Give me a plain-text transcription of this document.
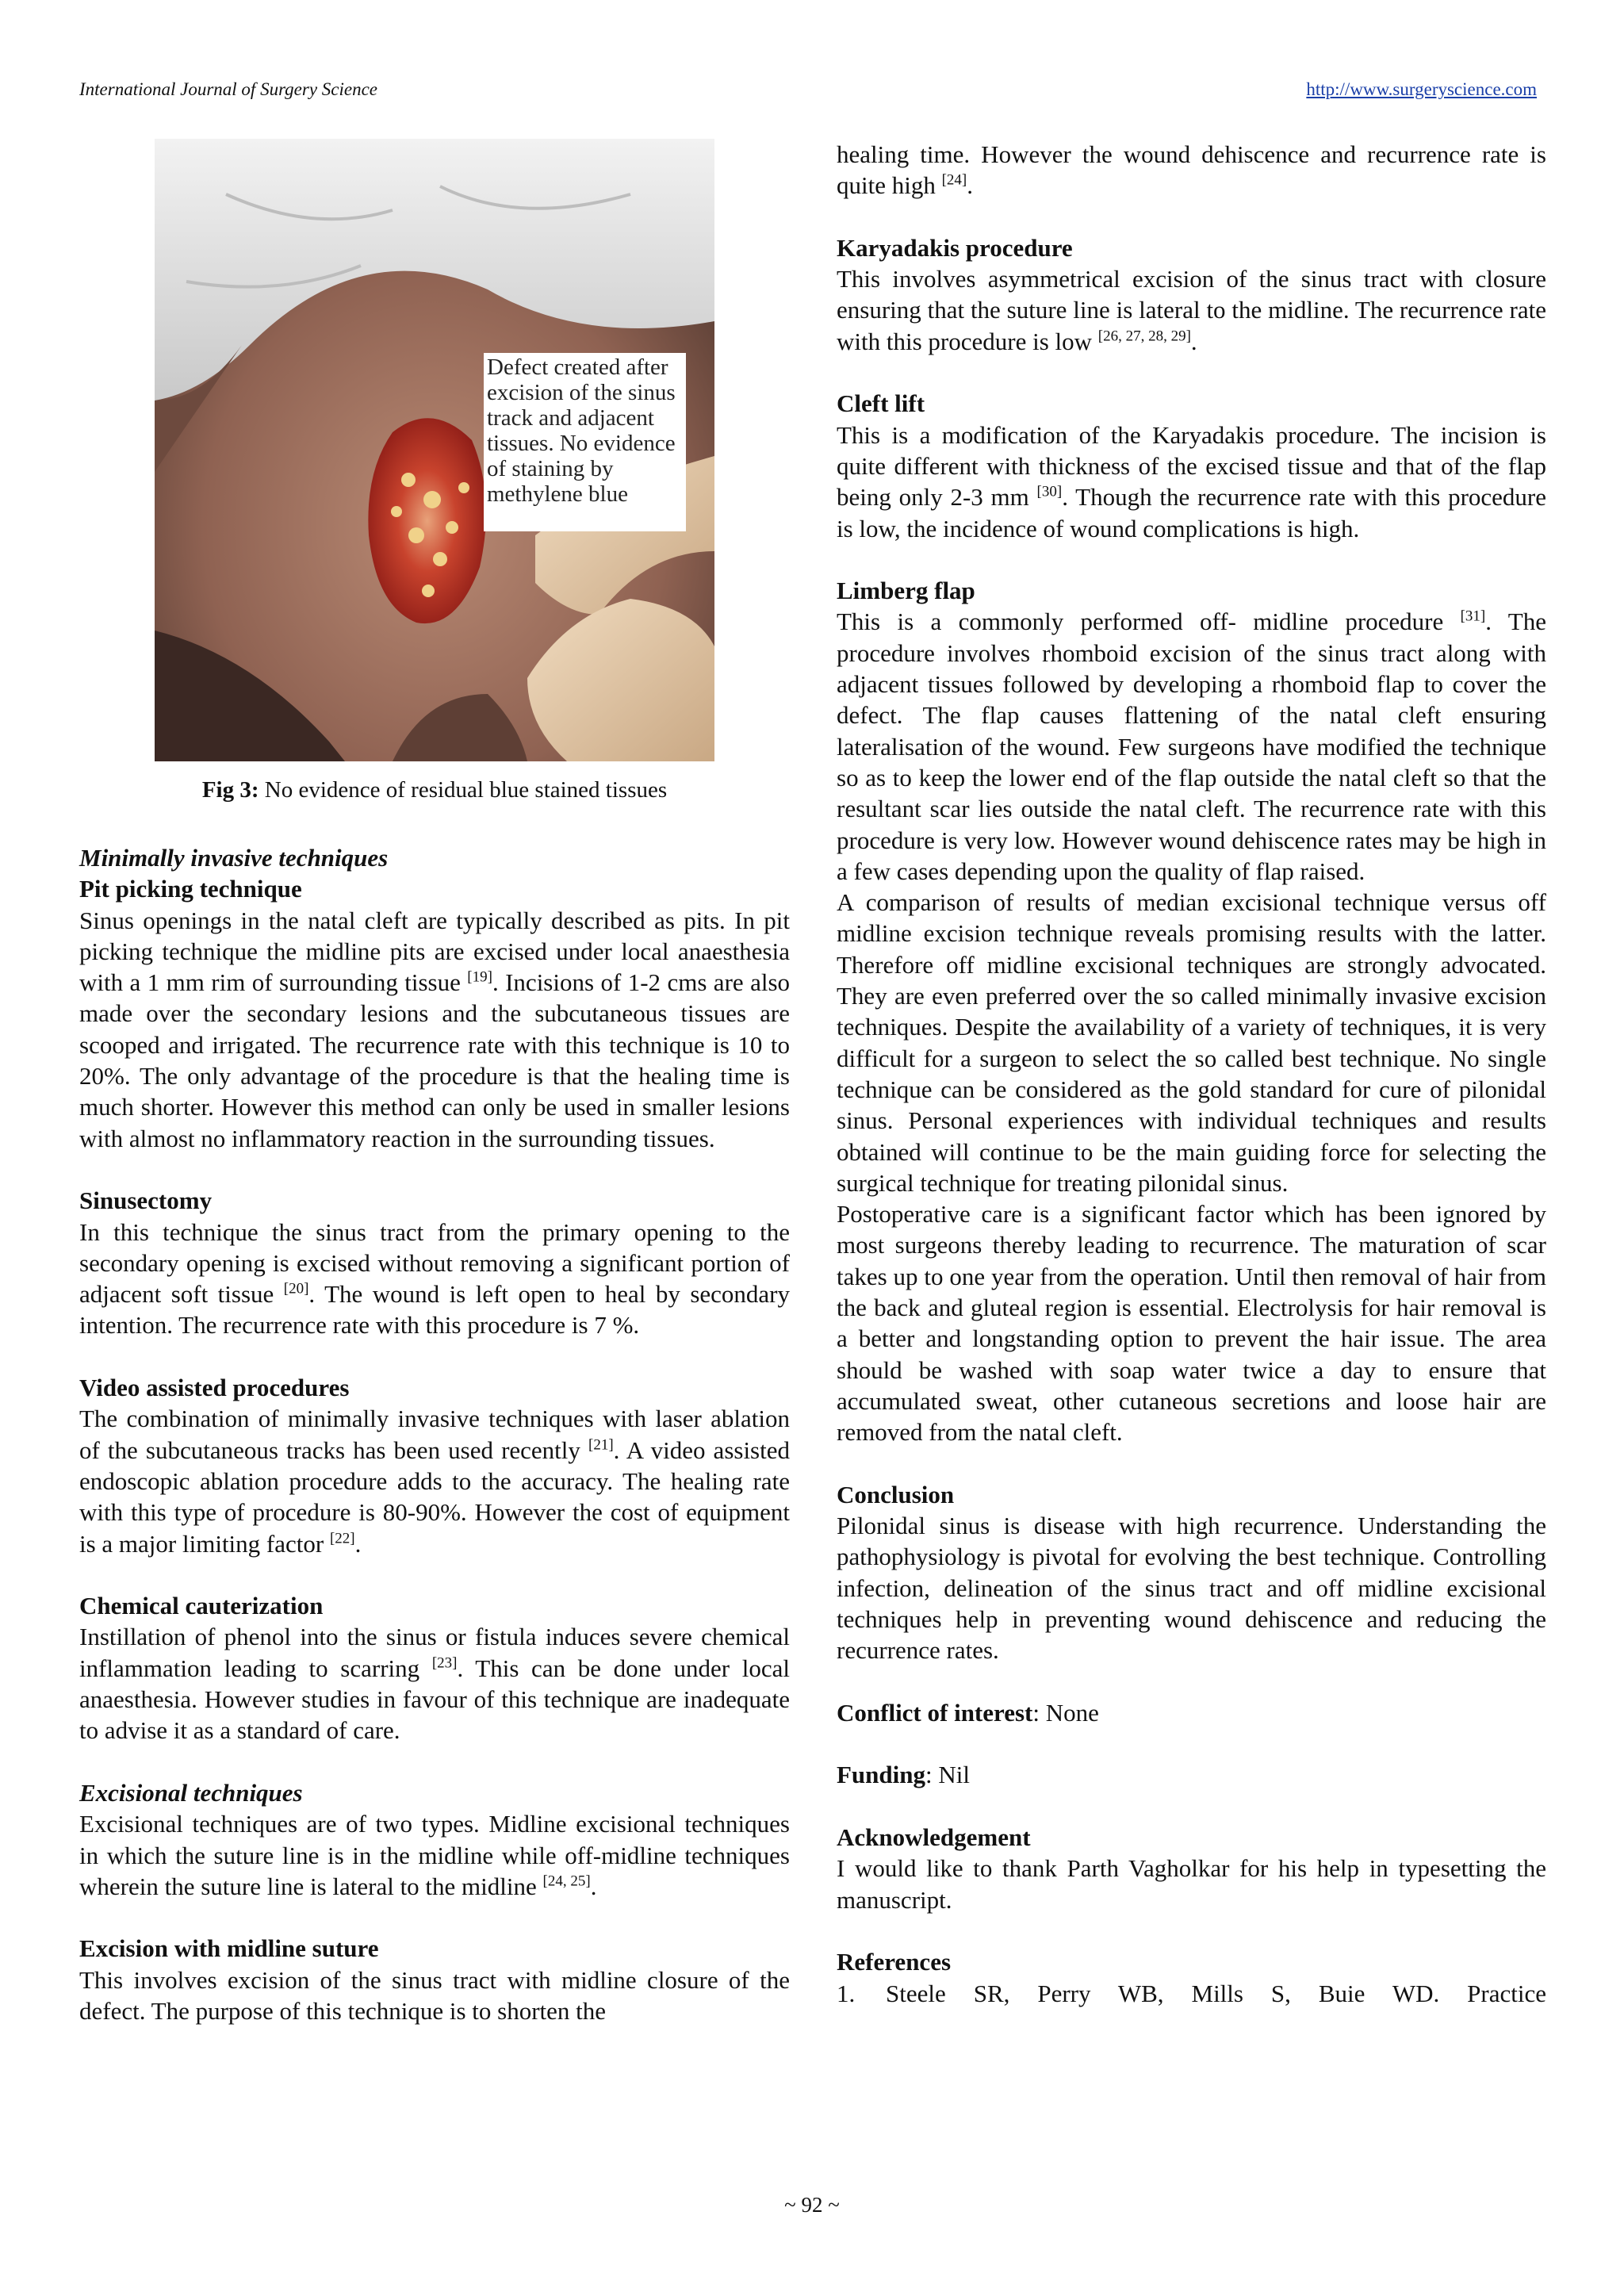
International Journal of Surgery Science	http://www.surgeryscience.com
Defect created after excision of the sinus track and adjacent tissues. No evidence of staining by methylene blue
Fig 3: No evidence of residual blue stained tissues
Minimally invasive techniques
Pit picking technique

Sinus openings in the natal cleft are typically described as pits. In pit picking technique the midline pits are excised under local anaesthesia with a 1 mm rim of surrounding tissue [19]. Incisions of 1-2 cms are also made over the secondary lesions and the subcutaneous tissues are scooped and irrigated. The recurrence rate with this technique is 10 to 20%. The only advantage of the procedure is that the healing time is much shorter. However this method can only be used in smaller lesions with almost no inflammatory reaction in the surrounding tissues.

Sinusectomy

In this technique the sinus tract from the primary opening to the secondary opening is excised without removing a significant portion of adjacent soft tissue [20]. The wound is left open to heal by secondary intention. The recurrence rate with this procedure is 7 %.

Video assisted procedures

The combination of minimally invasive techniques with laser ablation of the subcutaneous tracks has been used recently [21]. A video assisted endoscopic ablation procedure adds to the accuracy. The healing rate with this type of procedure is 80-90%. However the cost of equipment is a major limiting factor [22].

Chemical cauterization

Instillation of phenol into the sinus or fistula induces severe chemical inflammation leading to scarring [23]. This can be done under local anaesthesia. However studies in favour of this technique are inadequate to advise it as a standard of care.

Excisional techniques

Excisional techniques are of two types. Midline excisional techniques in which the suture line is in the midline while off-midline techniques wherein the suture line is lateral to the midline [24, 25].

Excision with midline suture

This involves excision of the sinus tract with midline closure of the defect. The purpose of this technique is to shorten the

healing time. However the wound dehiscence and recurrence rate is quite high [24].

Karyadakis procedure

This involves asymmetrical excision of the sinus tract with closure ensuring that the suture line is lateral to the midline. The recurrence rate with this procedure is low [26, 27, 28, 29].

Cleft lift

This is a modification of the Karyadakis procedure. The incision is quite different with thickness of the excised tissue and that of the flap being only 2-3 mm [30]. Though the recurrence rate with this procedure is low, the incidence of wound complications is high.

Limberg flap

This is a commonly performed off- midline procedure [31]. The procedure involves rhomboid excision of the sinus tract along with adjacent tissues followed by developing a rhomboid flap to cover the defect. The flap causes flattening of the natal cleft ensuring lateralisation of the wound. Few surgeons have modified the technique so as to keep the lower end of the flap outside the natal cleft so that the resultant scar lies outside the natal cleft. The recurrence rate with this procedure is very low. However wound dehiscence rates may be high in a few cases depending upon the quality of flap raised.

A comparison of results of median excisional technique versus off midline excision technique reveals promising results with the latter. Therefore off midline excisional techniques are strongly advocated. They are even preferred over the so called minimally invasive excision techniques. Despite the availability of a variety of techniques, it is very difficult for a surgeon to select the so called best technique. No single technique can be considered as the gold standard for cure of pilonidal sinus. Personal experiences with individual techniques and results obtained will continue to be the main guiding force for selecting the surgical technique for treating pilonidal sinus.

Postoperative care is a significant factor which has been ignored by most surgeons thereby leading to recurrence. The maturation of scar takes up to one year from the operation. Until then removal of hair from the back and gluteal region is essential. Electrolysis for hair removal is a better and longstanding option to prevent the hair issue. The area should be washed with soap water twice a day to ensure that accumulated sweat, other cutaneous secretions and loose hair are removed from the natal cleft.

Conclusion

Pilonidal sinus is disease with high recurrence. Understanding the pathophysiology is pivotal for evolving the best technique. Controlling infection, delineation of the sinus tract and off midline excisional techniques help in preventing wound dehiscence and reducing the recurrence rates.

Conflict of interest: None

Funding: Nil

Acknowledgement

I would like to thank Parth Vagholkar for his help in typesetting the manuscript.

References
1.	Steele SR, Perry WB, Mills S, Buie WD. Practice
~ 92 ~
